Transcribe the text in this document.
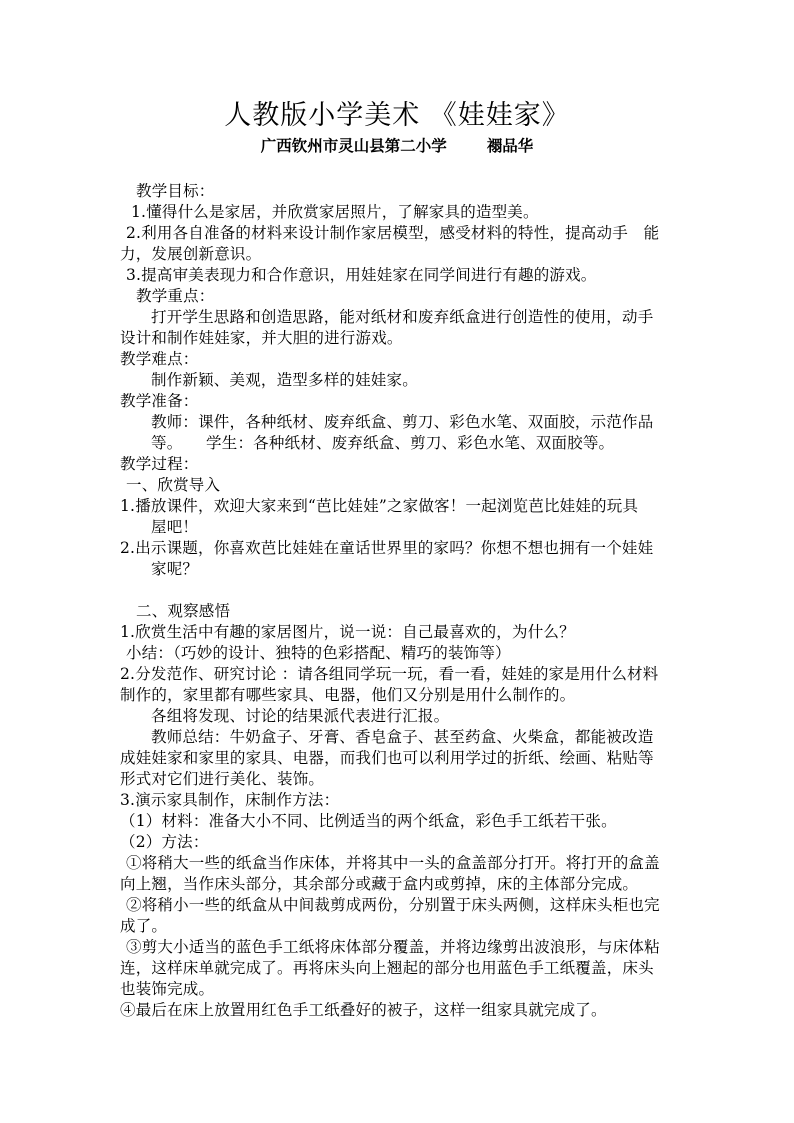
人教版小学美术 《娃娃家》
广西钦州市灵山县第二小学	禤品华
教学目标：
1.懂得什么是家居，并欣赏家居照片，了解家具的造型美。
2.利用各自准备的材料来设计制作家居模型，感受材料的特性，提高动手　能
力，发展创新意识。
3.提高审美表现力和合作意识，用娃娃家在同学间进行有趣的游戏。
教学重点：
打开学生思路和创造思路，能对纸材和废弃纸盒进行创造性的使用，动手
设计和制作娃娃家，并大胆的进行游戏。
教学难点：
制作新颖、美观，造型多样的娃娃家。
教学准备：
教师：课件，各种纸材、废弃纸盒、剪刀、彩色水笔、双面胶，示范作品
等。　　学生：各种纸材、废弃纸盒、剪刀、彩色水笔、双面胶等。
教学过程：
一、欣赏导入
1.播放课件，欢迎大家来到“芭比娃娃”之家做客！一起浏览芭比娃娃的玩具
屋吧！
2.出示课题，你喜欢芭比娃娃在童话世界里的家吗？你想不想也拥有一个娃娃
家呢？
二、观察感悟
1.欣赏生活中有趣的家居图片，说一说：自己最喜欢的，为什么？
小结：（巧妙的设计、独特的色彩搭配、精巧的装饰等）
2.分发范作、研究讨论 ：请各组同学玩一玩，看一看，娃娃的家是用什么材料
制作的，家里都有哪些家具、电器，他们又分别是用什么制作的。
各组将发现、讨论的结果派代表进行汇报。
教师总结：牛奶盒子、牙膏、香皂盒子、甚至药盒、火柴盒，都能被改造
成娃娃家和家里的家具、电器，而我们也可以利用学过的折纸、绘画、粘贴等
形式对它们进行美化、装饰。
3.演示家具制作，床制作方法：
（1）材料：准备大小不同、比例适当的两个纸盒，彩色手工纸若干张。
（2）方法：
①将稍大一些的纸盒当作床体，并将其中一头的盒盖部分打开。将打开的盒盖
向上翘，当作床头部分，其余部分或藏于盒内或剪掉，床的主体部分完成。
②将稍小一些的纸盒从中间裁剪成两份，分别置于床头两侧，这样床头柜也完
成了。
③剪大小适当的蓝色手工纸将床体部分覆盖，并将边缘剪出波浪形，与床体粘
连，这样床单就完成了。再将床头向上翘起的部分也用蓝色手工纸覆盖，床头
也装饰完成。
④最后在床上放置用红色手工纸叠好的被子，这样一组家具就完成了。
